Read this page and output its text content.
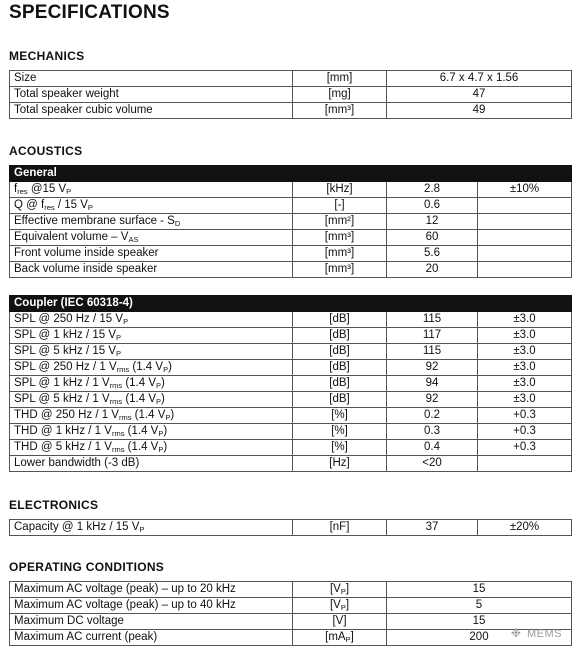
SPECIFICATIONS
MECHANICS
Size	[mm]	6.7 x 4.7 x 1.56
Total speaker weight	[mg]	47
Total speaker cubic volume	[mm³]	49
ACOUSTICS
General			
$f_{res}$ @15 $V_P$	[kHz]	2.8	±10%
Q @ $f_{res} / 15$ $V_P$	[-]	0.6	
Effective membrane surface - $S_D$	[mm²]	12	
Equivalent volume – $V_{AS}$	[mm³]	60	
Front volume inside speaker	[mm³]	5.6	
Back volume inside speaker	[mm³]	20	
Coupler (IEC 60318-4)			
SPL @ 250 Hz / 15 $V_P$	[dB]	115	±3.0
SPL @ 1 kHz / 15 $V_P$	[dB]	117	±3.0
SPL @ 5 kHz / 15 $V_P$	[dB]	115	±3.0
SPL @ 250 Hz / 1 $V_{rms}$ (1.4 $V_P$)	[dB]	92	±3.0
SPL @ 1 kHz / 1 $V_{rms}$ (1.4 $V_P$)	[dB]	94	±3.0
SPL @ 5 kHz / 1 $V_{rms}$ (1.4 $V_P$)	[dB]	92	±3.0
THD @ 250 Hz / 1 $V_{rms}$ (1.4 $V_P$)	[%]	0.2	+0.3
THD @ 1 kHz / 1 $V_{rms}$ (1.4 $V_P$)	[%]	0.3	+0.3
THD @ 5 kHz / 1 $V_{rms}$ (1.4 $V_P$)	[%]	0.4	+0.3
Lower bandwidth (-3 dB)	[Hz]	<20	
ELECTRONICS
Capacity @ 1 kHz / 15 $V_P$	[nF]	37	±20%
OPERATING CONDITIONS
Maximum AC voltage (peak) – up to 20 kHz	$[V_P]$	15
Maximum AC voltage (peak) – up to 40 kHz	$[V_P]$	5
Maximum DC voltage	[V]	15
Maximum AC current (peak)	$[mA_P]$	200 ❉ MEMS
